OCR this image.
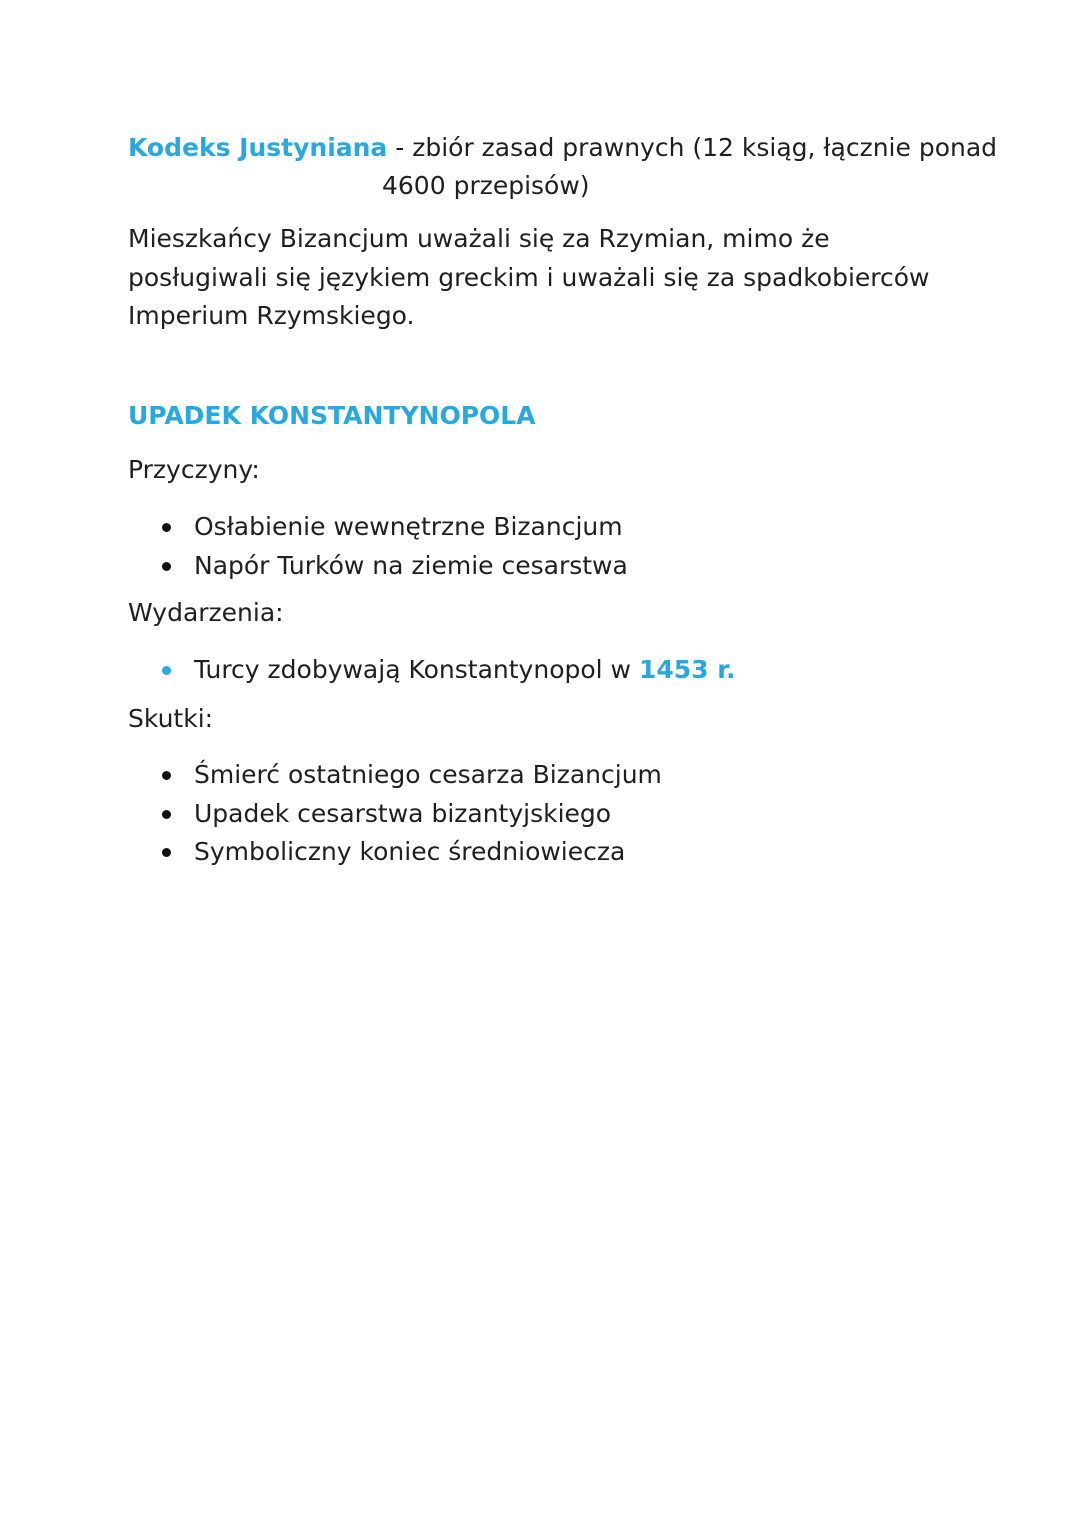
Kodeks Justyniana - zbiór zasad prawnych (12 ksiąg, łącznie ponad
4600 przepisów)
Mieszkańcy Bizancjum uważali się za Rzymian, mimo że posługiwali się językiem greckim i uważali się za spadkobierców Imperium Rzymskiego.
UPADEK KONSTANTYNOPOLA
Przyczyny:
Osłabienie wewnętrzne Bizancjum
Napór Turków na ziemie cesarstwa
Wydarzenia:
Turcy zdobywają Konstantynopol w 1453 r.
Skutki:
Śmierć ostatniego cesarza Bizancjum
Upadek cesarstwa bizantyjskiego
Symboliczny koniec średniowiecza
